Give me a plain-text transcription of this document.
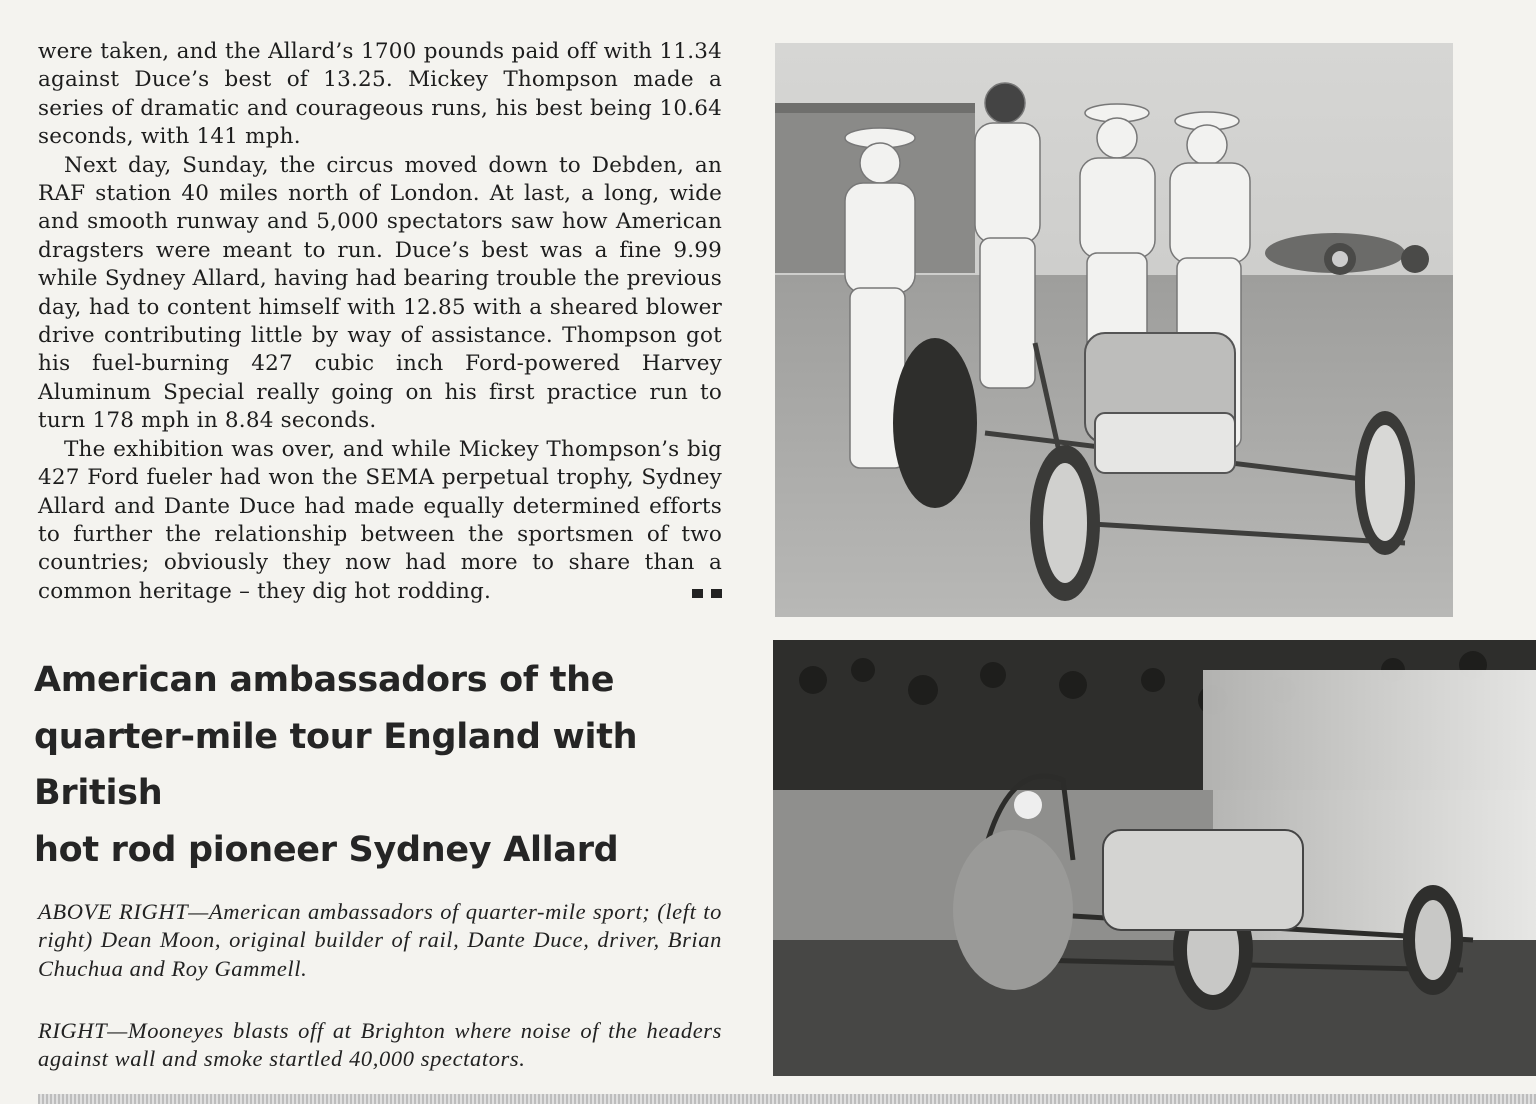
were taken, and the Allard’s 1700 pounds paid off with 11.34 against Duce’s best of 13.25. Mickey Thompson made a series of dramatic and courageous runs, his best being 10.64 seconds, with 141 mph.

Next day, Sunday, the circus moved down to Debden, an RAF station 40 miles north of London. At last, a long, wide and smooth runway and 5,000 spectators saw how American dragsters were meant to run. Duce’s best was a fine 9.99 while Sydney Allard, having had bearing trouble the previous day, had to content himself with 12.85 with a sheared blower drive contributing little by way of assistance. Thompson got his fuel-burning 427 cubic inch Ford-powered Harvey Aluminum Special really going on his first practice run to turn 178 mph in 8.84 seconds.

The exhibition was over, and while Mickey Thompson’s big 427 Ford fueler had won the SEMA perpetual trophy, Sydney Allard and Dante Duce had made equally determined efforts to further the relationship between the sportsmen of two countries; obviously they now had more to share than a common heritage – they dig hot rodding.

American ambassadors of the
quarter-mile tour England with British
hot rod pioneer Sydney Allard
ABOVE RIGHT—American ambassadors of quarter-mile sport; (left to right) Dean Moon, original builder of rail, Dante Duce, driver, Brian Chuchua and Roy Gammell.
RIGHT—Mooneyes blasts off at Brighton where noise of the headers against wall and smoke startled 40,000 spectators.
